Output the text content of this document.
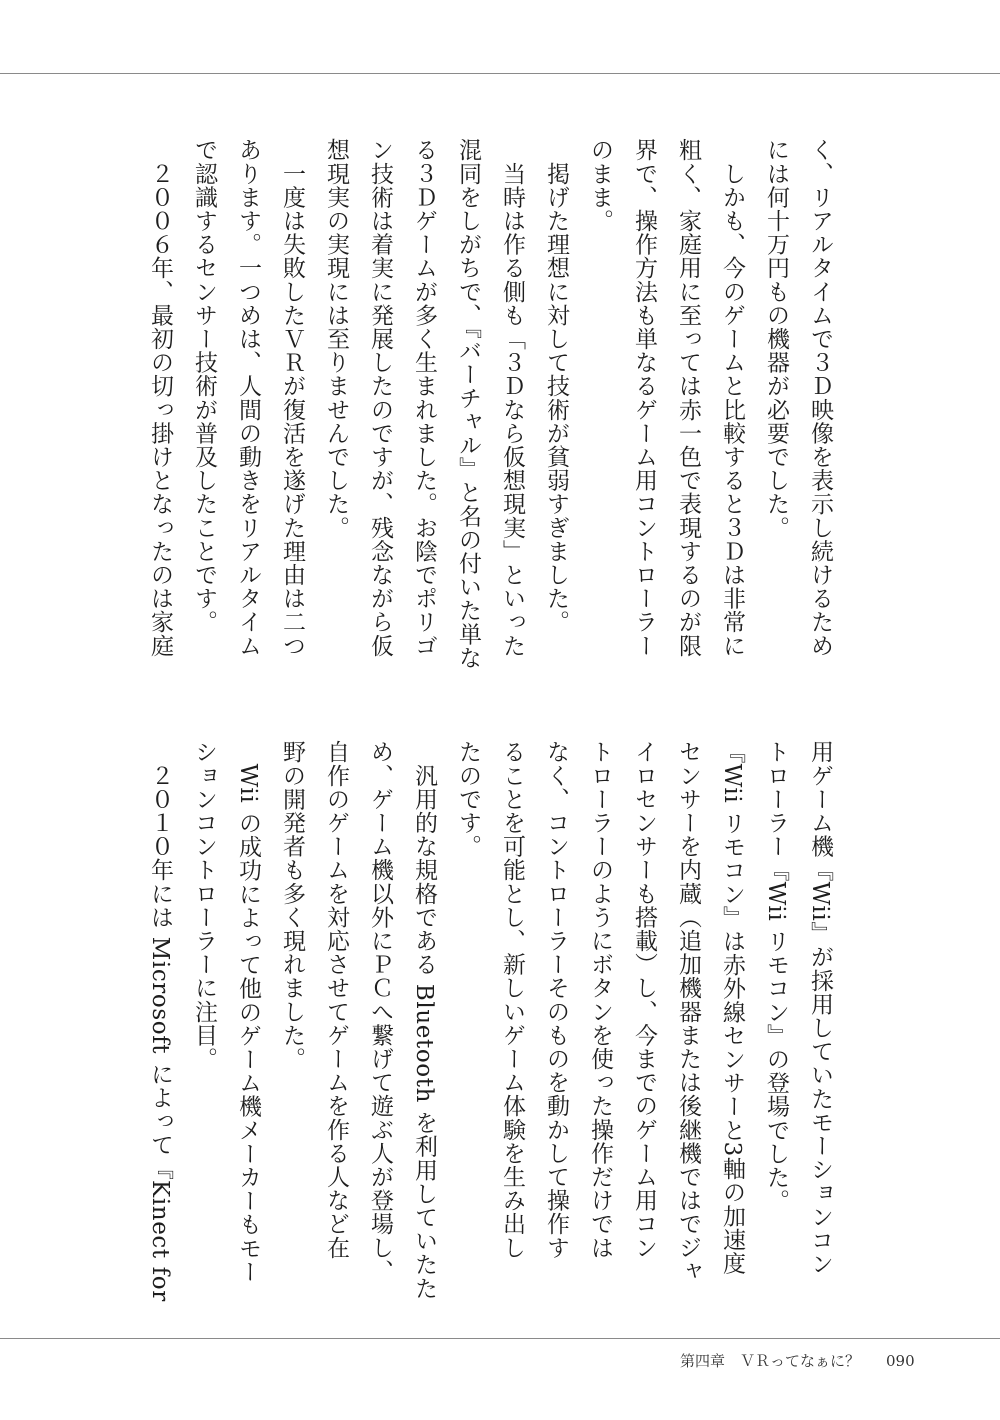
く、リアルタイムで３Ｄ映像を表示し続けるため
には何十万円もの機器が必要でした。
　しかも、今のゲームと比較すると３Ｄは非常に
粗く、家庭用に至っては赤一色で表現するのが限
界で、操作方法も単なるゲーム用コントローラー
のまま。
　掲げた理想に対して技術が貧弱すぎました。
　当時は作る側も「３Ｄなら仮想現実」といった
混同をしがちで、『バーチャル』と名の付いた単な
る３Ｄゲームが多く生まれました。お陰でポリゴ
ン技術は着実に発展したのですが、残念ながら仮
想現実の実現には至りませんでした。
　一度は失敗したＶＲが復活を遂げた理由は二つ
あります。一つめは、人間の動きをリアルタイム
で認識するセンサー技術が普及したことです。
　２００６年、最初の切っ掛けとなったのは家庭
用ゲーム機『Wii』が採用していたモーションコン
トローラー『Wii リモコン』の登場でした。
『Wii リモコン』は赤外線センサーと3軸の加速度
センサーを内蔵（追加機器または後継機ではでジャ
イロセンサーも搭載）し、今までのゲーム用コン
トローラーのようにボタンを使った操作だけでは
なく、コントローラーそのものを動かして操作す
ることを可能とし、新しいゲーム体験を生み出し
たのです。
　汎用的な規格である Bluetooth を利用していたた
め、ゲーム機以外にＰＣへ繋げて遊ぶ人が登場し、
自作のゲームを対応させてゲームを作る人など在
野の開発者も多く現れました。
　Wii の成功によって他のゲーム機メーカーもモー
ションコントローラーに注目。
　２０１０年には Microsoft によって『Kinect for
第四章　ＶＲってなぁに？ 090
